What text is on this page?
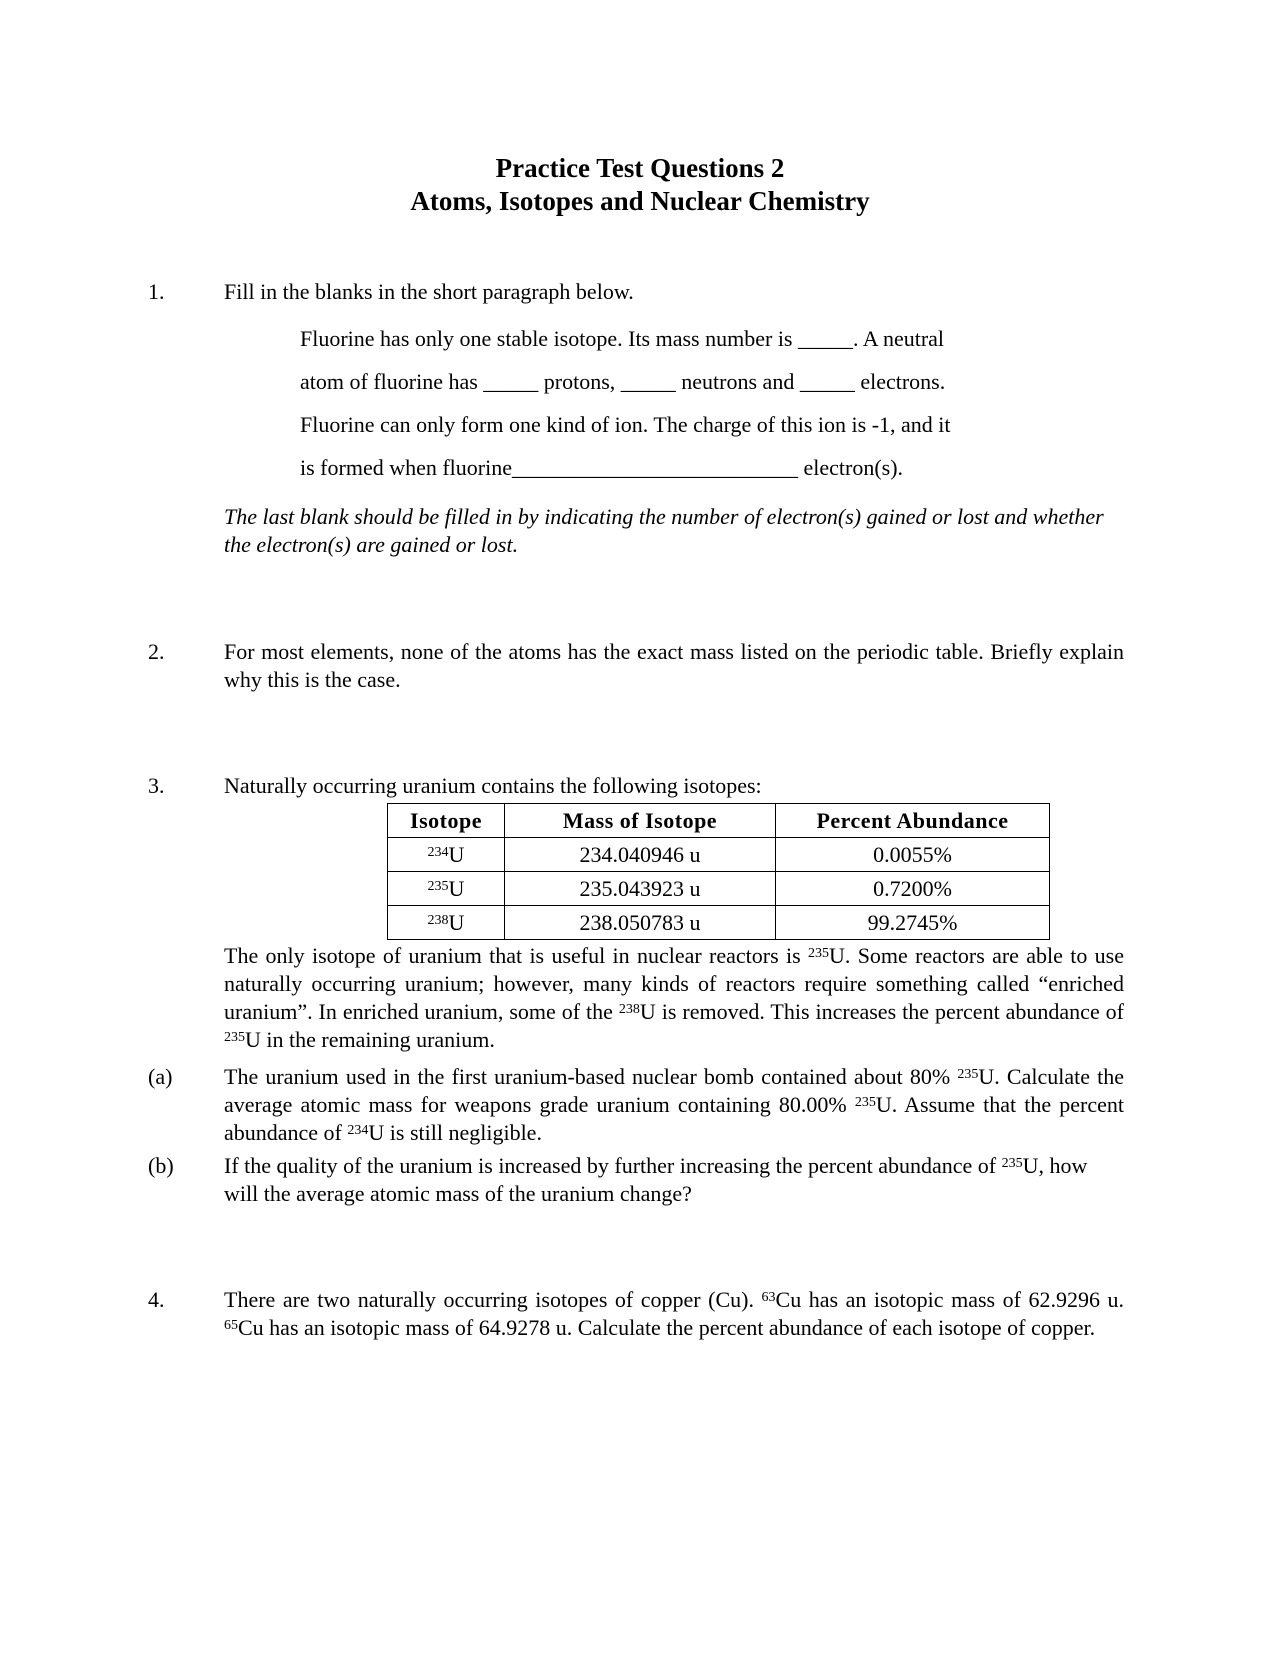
Practice Test Questions 2
Atoms, Isotopes and Nuclear Chemistry
1.	Fill in the blanks in the short paragraph below.
Fluorine has only one stable isotope. Its mass number is _____. A neutral
atom of fluorine has _____ protons, _____ neutrons and _____ electrons.
Fluorine can only form one kind of ion. The charge of this ion is -1, and it
is formed when fluorine__________________________ electron(s).
The last blank should be filled in by indicating the number of electron(s) gained or lost and whether the electron(s) are gained or lost.
2.	For most elements, none of the atoms has the exact mass listed on the periodic table. Briefly explain why this is the case.
3.	Naturally occurring uranium contains the following isotopes:
Isotope	Mass of Isotope	Percent Abundance
$^{234}$U	234.040946 u	0.0055%
$^{235}$U	235.043923 u	0.7200%
$^{238}$U	238.050783 u	99.2745%
The only isotope of uranium that is useful in nuclear reactors is $^{235}$U. Some reactors are able to use naturally occurring uranium; however, many kinds of reactors require something called “enriched uranium”. In enriched uranium, some of the $^{238}$U is removed. This increases the percent abundance of $^{235}$U in the remaining uranium.
(a) The uranium used in the first uranium-based nuclear bomb contained about 80% $^{235}$U. Calculate the average atomic mass for weapons grade uranium containing 80.00% $^{235}$U. Assume that the percent abundance of $^{234}$U is still negligible.
(b) If the quality of the uranium is increased by further increasing the percent abundance of $^{235}$U, how will the average atomic mass of the uranium change?
4.	There are two naturally occurring isotopes of copper (Cu). $^{63}$Cu has an isotopic mass of 62.9296 u. $^{65}$Cu has an isotopic mass of 64.9278 u. Calculate the percent abundance of each isotope of copper.
